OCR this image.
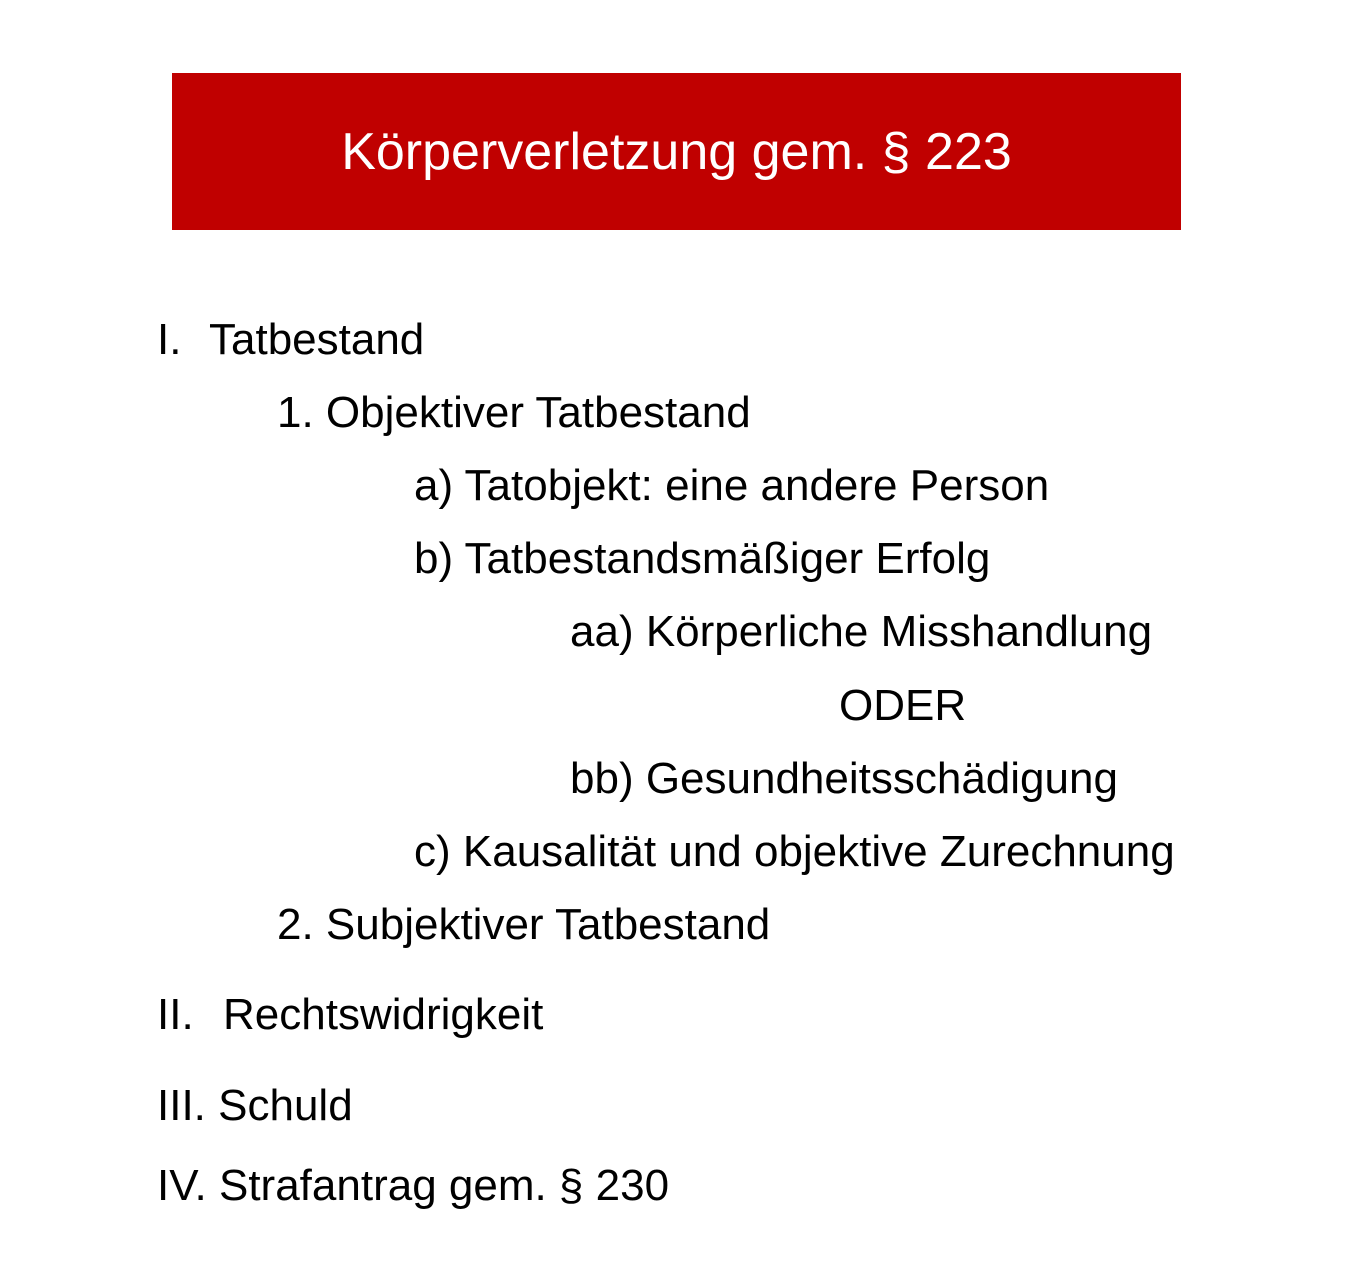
Körperverletzung gem. § 223
I. Tatbestand
1. Objektiver Tatbestand
a) Tatobjekt: eine andere Person
b) Tatbestandsmäßiger Erfolg
aa) Körperliche Misshandlung
ODER
bb) Gesundheitsschädigung
c) Kausalität und objektive Zurechnung
2. Subjektiver Tatbestand
II. Rechtswidrigkeit
III. Schuld
IV. Strafantrag gem. § 230
